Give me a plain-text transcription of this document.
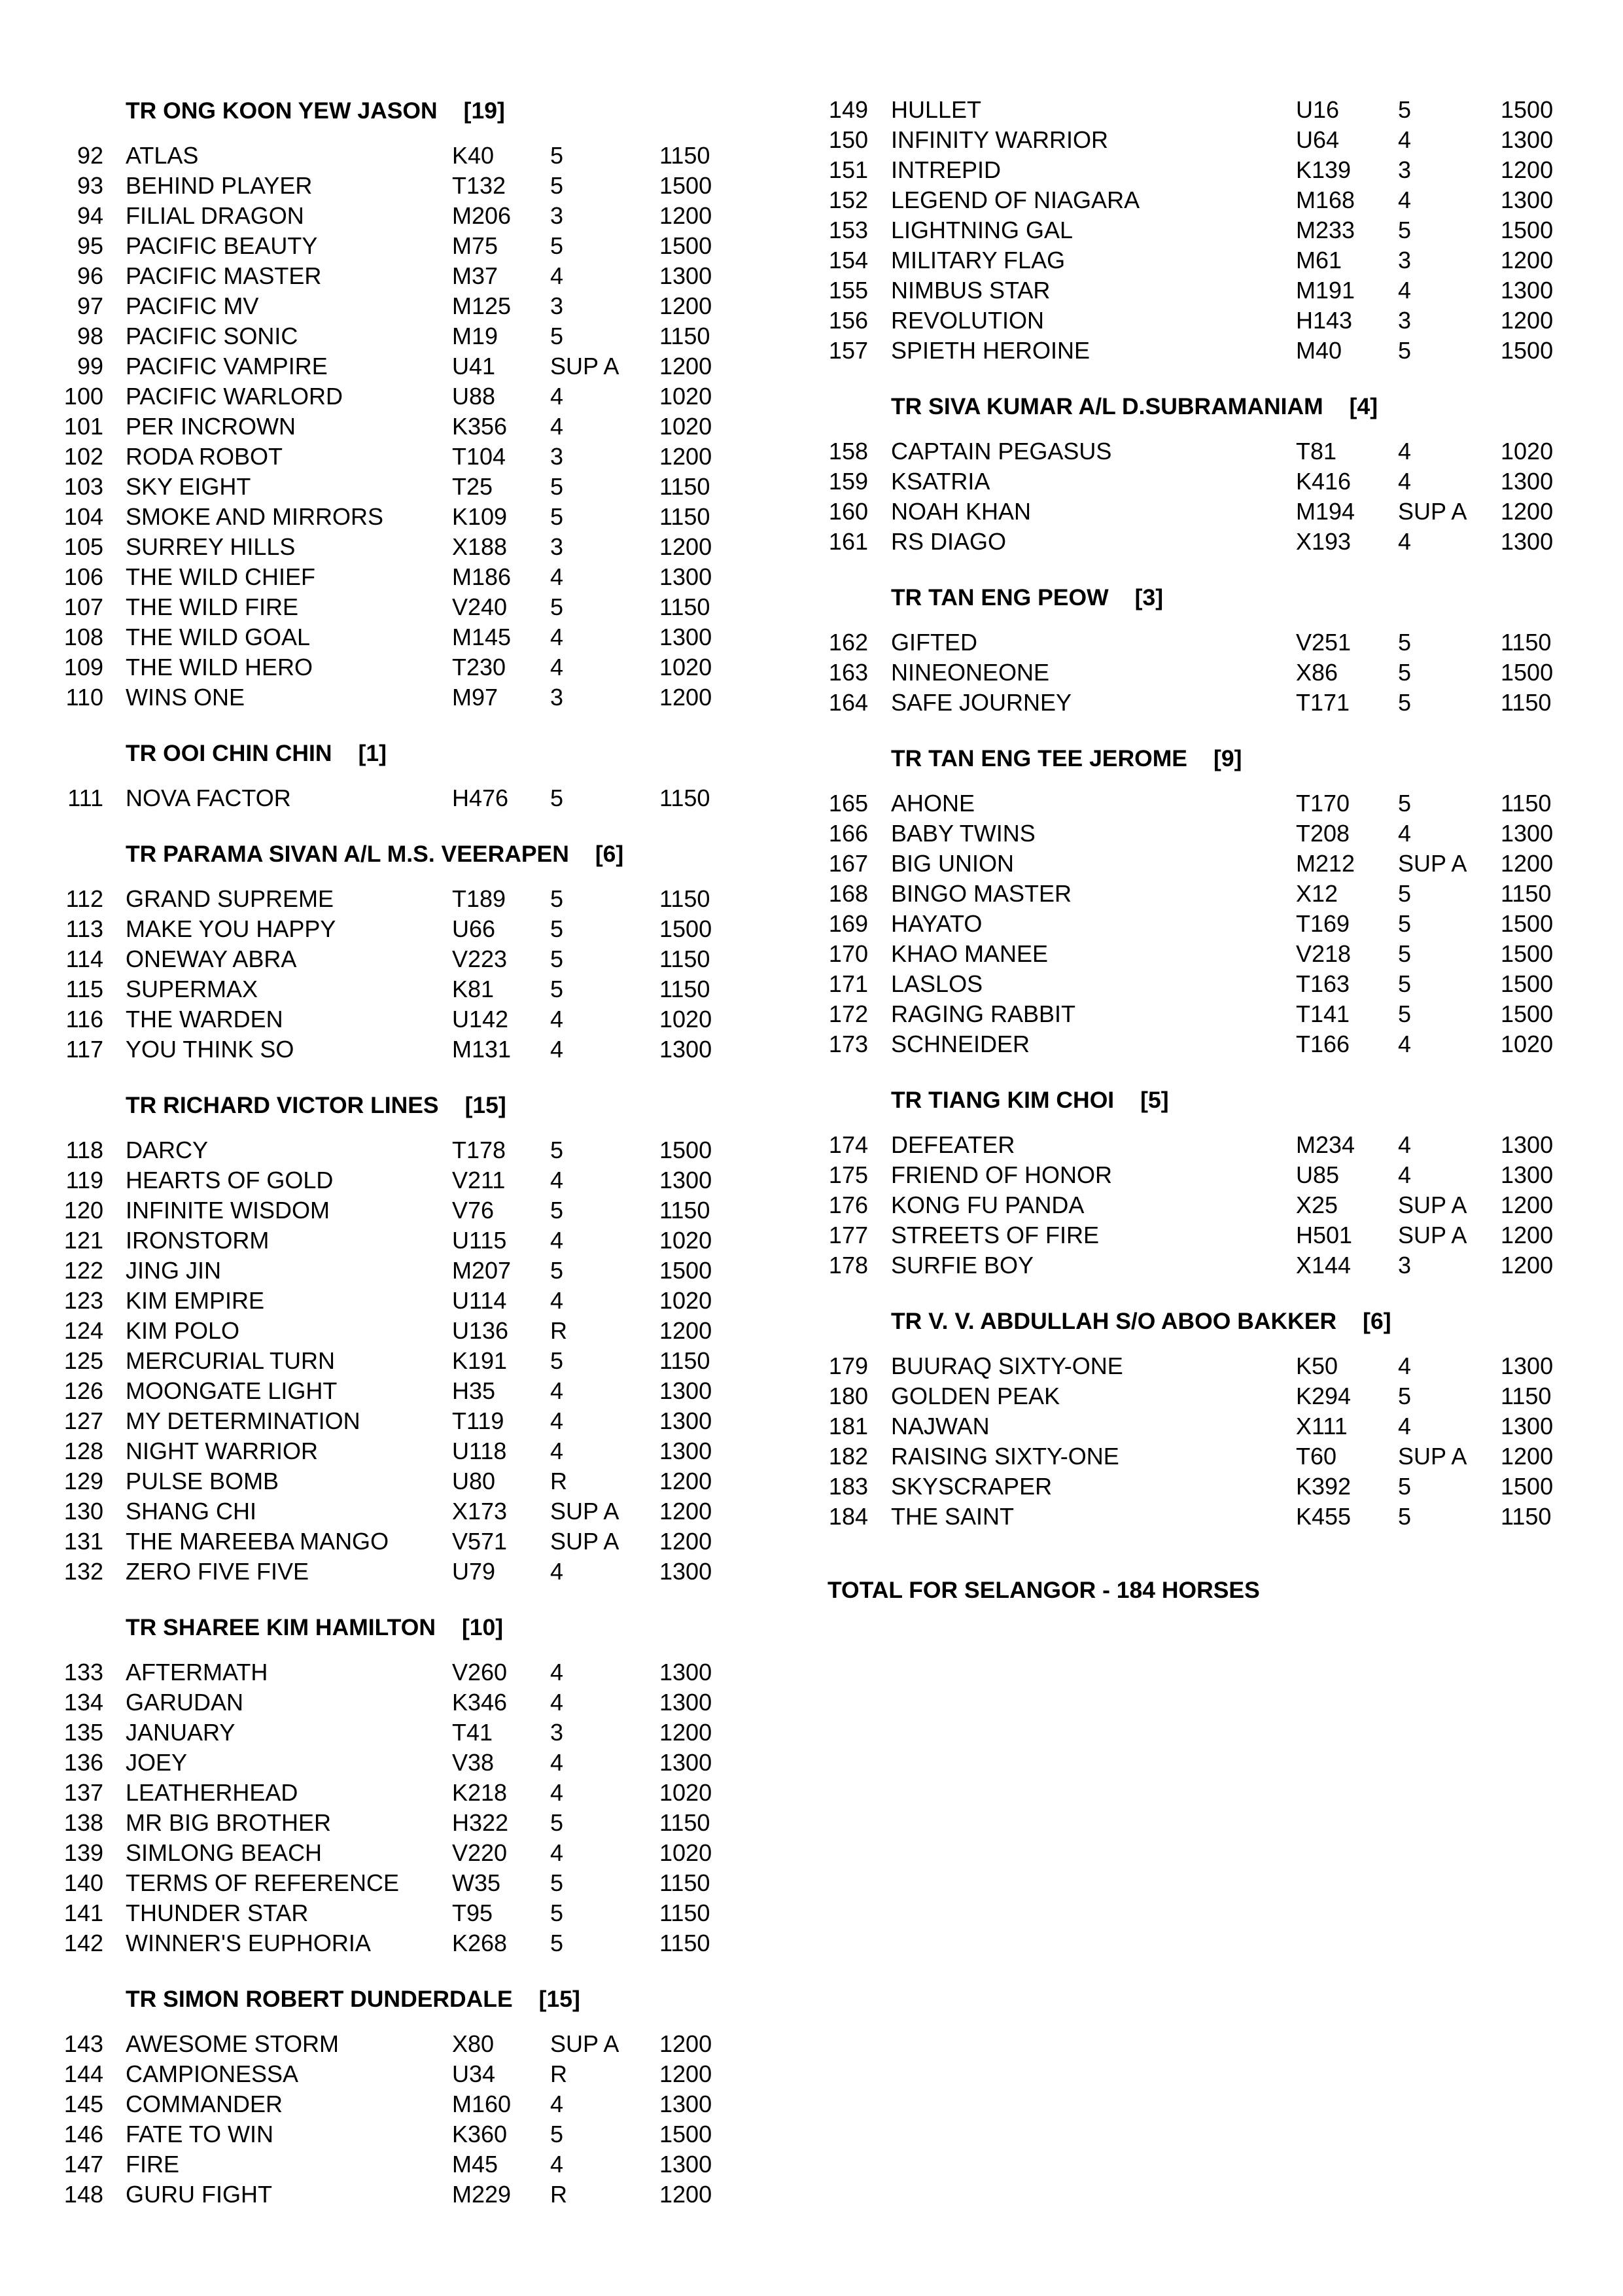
TR ONG KOON YEW JASON [19]
92 ATLAS	K40 5	1150
93 BEHIND PLAYER	T132 5	1500
94 FILIAL DRAGON	M206 3	1200
95 PACIFIC BEAUTY	M75 5	1500
96 PACIFIC MASTER	M37 4	1300
97 PACIFIC MV	M125 3	1200
98 PACIFIC SONIC	M19 5	1150
99 PACIFIC VAMPIRE	U41 SUP A 1200
100 PACIFIC WARLORD	U88 4	1020
101 PER INCROWN	K356 4	1020
102 RODA ROBOT	T104 3	1200
103 SKY EIGHT	T25 5	1150
104 SMOKE AND MIRRORS	K109 5	1150
105 SURREY HILLS	X188 3	1200
106 THE WILD CHIEF	M186 4	1300
107 THE WILD FIRE	V240 5	1150
108 THE WILD GOAL	M145 4	1300
109 THE WILD HERO	T230 4	1020
110 WINS ONE	M97 3	1200
TR OOI CHIN CHIN [1]
111 NOVA FACTOR	H476 5	1150
TR PARAMA SIVAN A/L M.S. VEERAPEN [6]
112 GRAND SUPREME	T189 5	1150
113 MAKE YOU HAPPY	U66 5	1500
114 ONEWAY ABRA	V223 5	1150
115 SUPERMAX	K81 5	1150
116 THE WARDEN	U142 4	1020
117 YOU THINK SO	M131 4	1300
TR RICHARD VICTOR LINES [15]
118 DARCY	T178 5	1500
119 HEARTS OF GOLD	V211 4	1300
120 INFINITE WISDOM	V76 5	1150
121 IRONSTORM	U115 4	1020
122 JING JIN	M207 5	1500
123 KIM EMPIRE	U114 4	1020
124 KIM POLO	U136 R	1200
125 MERCURIAL TURN	K191 5	1150
126 MOONGATE LIGHT	H35 4	1300
127 MY DETERMINATION	T119 4	1300
128 NIGHT WARRIOR	U118 4	1300
129 PULSE BOMB	U80 R	1200
130 SHANG CHI	X173 SUP A 1200
131 THE MAREEBA MANGO	V571 SUP A 1200
132 ZERO FIVE FIVE	U79 4	1300
TR SHAREE KIM HAMILTON [10]
133 AFTERMATH	V260 4	1300
134 GARUDAN	K346 4	1300
135 JANUARY	T41 3	1200
136 JOEY	V38 4	1300
137 LEATHERHEAD	K218 4	1020
138 MR BIG BROTHER	H322 5	1150
139 SIMLONG BEACH	V220 4	1020
140 TERMS OF REFERENCE W35 5	1150
141 THUNDER STAR	T95 5	1150
142 WINNER'S EUPHORIA	K268 5	1150
TR SIMON ROBERT DUNDERDALE [15]
143 AWESOME STORM	X80 SUP A 1200
144 CAMPIONESSA	U34 R	1200
145 COMMANDER	M160 4	1300
146 FATE TO WIN	K360 5	1500
147 FIRE	M45 4	1300
148 GURU FIGHT	M229 R	1200
149 HULLET	U16 5	1500
150 INFINITY WARRIOR	U64 4	1300
151 INTREPID	K139 3	1200
152 LEGEND OF NIAGARA	M168 4	1300
153 LIGHTNING GAL	M233 5	1500
154 MILITARY FLAG	M61 3	1200
155 NIMBUS STAR	M191 4	1300
156 REVOLUTION	H143 3	1200
157 SPIETH HEROINE	M40 5	1500
TR SIVA KUMAR A/L D.SUBRAMANIAM [4]
158 CAPTAIN PEGASUS	T81	4	1020
159 KSATRIA	K416 4	1300
160 NOAH KHAN	M194 SUP A 1200
161 RS DIAGO	X193 4	1300
TR TAN ENG PEOW [3]
162 GIFTED	V251 5	1150
163 NINEONEONE	X86	5	1500
164 SAFE JOURNEY	T171 5	1150
TR TAN ENG TEE JEROME [9]
165 AHONE	T170 5	1150
166 BABY TWINS	T208 4	1300
167 BIG UNION	M212 SUP A 1200
168 BINGO MASTER	X12	5	1150
169 HAYATO	T169 5	1500
170 KHAO MANEE	V218 5	1500
171 LASLOS	T163 5	1500
172 RAGING RABBIT	T141 5	1500
173 SCHNEIDER	T166 4	1020
TR TIANG KIM CHOI [5]
174 DEFEATER	M234 4	1300
175 FRIEND OF HONOR	U85 4	1300
176 KONG FU PANDA	X25	SUP A 1200
177 STREETS OF FIRE	H501 SUP A 1200
178 SURFIE BOY	X144 3	1200
TR V. V. ABDULLAH S/O ABOO BAKKER [6]
179 BUURAQ SIXTY-ONE	K50	4	1300
180 GOLDEN PEAK	K294 5	1150
181 NAJWAN	X111 4	1300
182 RAISING SIXTY-ONE	T60	SUP A 1200
183 SKYSCRAPER	K392 5	1500
184 THE SAINT	K455 5	1150
TOTAL FOR SELANGOR - 184 HORSES
